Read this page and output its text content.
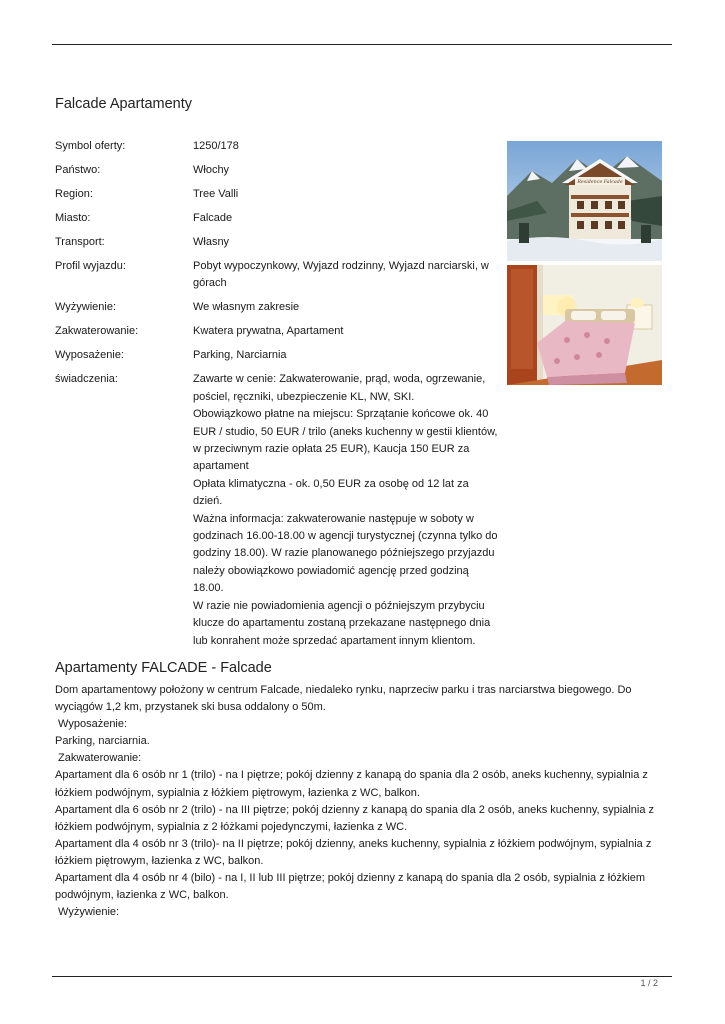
Falcade Apartamenty
Symbol oferty:	1250/178
Państwo:	Włochy
Region:	Tree Valli
Miasto:	Falcade
Transport:	Własny
Profil wyjazdu:	Pobyt wypoczynkowy, Wyjazd rodzinny, Wyjazd narciarski, w
górach
Wyżywienie:	We własnym zakresie
Zakwaterowanie:	Kwatera prywatna, Apartament
Wyposażenie:	Parking, Narciarnia
świadczenia:	Zawarte w cenie: Zakwaterowanie, prąd, woda, ogrzewanie,
pościel, ręczniki, ubezpieczenie KL, NW, SKI.
Obowiązkowo płatne na miejscu: Sprzątanie końcowe ok. 40
EUR / studio, 50 EUR / trilo (aneks kuchenny w gestii klientów,
w przeciwnym razie opłata 25 EUR), Kaucja 150 EUR za
apartament
Opłata klimatyczna - ok. 0,50 EUR za osobę od 12 lat za
dzień.
Ważna informacja: zakwaterowanie następuje w soboty w
godzinach 16.00-18.00 w agencji turystycznej (czynna tylko do
godziny 18.00). W razie planowanego późniejszego przyjazdu
należy obowiązkowo powiadomić agencję przed godziną
18.00.
W razie nie powiadomienia agencji o późniejszym przybyciu
klucze do apartamentu zostaną przekazane następnego dnia
lub konrahent może sprzedać apartament innym klientom.
Residence Falcade
Apartamenty FALCADE - Falcade

Dom apartamentowy położony w centrum Falcade, niedaleko rynku, naprzeciw parku i tras narciarstwa biegowego. Do

wyciągów 1,2 km, przystanek ski busa oddalony o 50m.

Wyposażenie:

Parking, narciarnia.

Zakwaterowanie:

Apartament dla 6 osób nr 1 (trilo) - na I piętrze; pokój dzienny z kanapą do spania dla 2 osób, aneks kuchenny, sypialnia z

łóżkiem podwójnym, sypialnia z łóżkiem piętrowym, łazienka z WC, balkon.

Apartament dla 6 osób nr 2 (trilo) - na III piętrze; pokój dzienny z kanapą do spania dla 2 osób, aneks kuchenny, sypialnia z

łóżkiem podwójnym, sypialnia z 2 łóżkami pojedynczymi, łazienka z WC.

Apartament dla 4 osób nr 3 (trilo)- na II piętrze; pokój dzienny, aneks kuchenny, sypialnia z łóżkiem podwójnym, sypialnia z

łóżkiem piętrowym, łazienka z WC, balkon.

Apartament dla 4 osób nr 4 (bilo) - na I, II lub III piętrze; pokój dzienny z kanapą do spania dla 2 osób, sypialnia z łóżkiem

podwójnym, łazienka z WC, balkon.

Wyżywienie:

1 / 2
